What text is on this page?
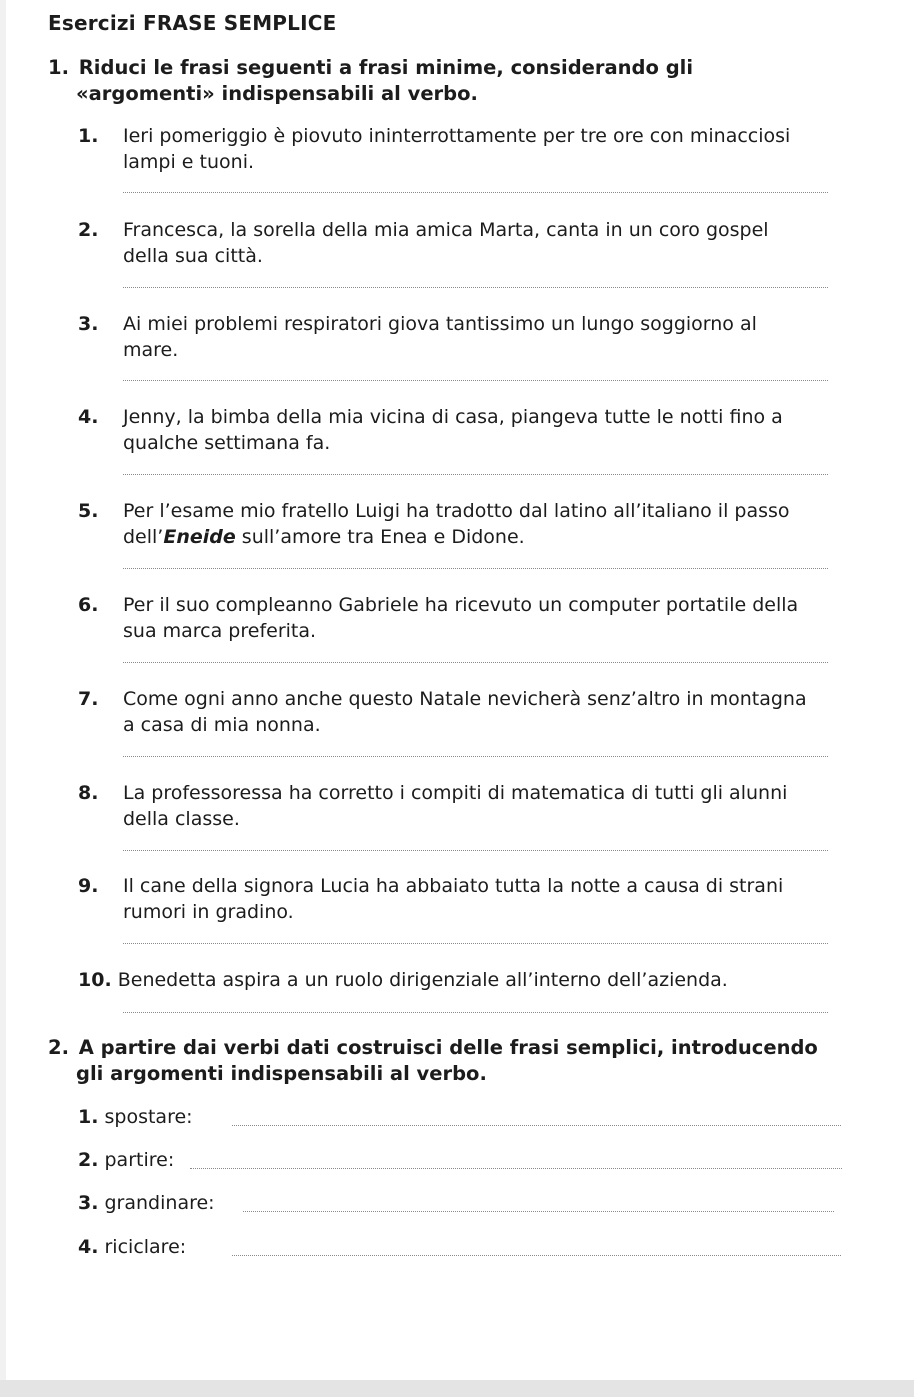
Esercizi FRASE SEMPLICE
1. Riduci le frasi seguenti a frasi minime, considerando gli
«argomenti» indispensabili al verbo.
1. Ieri pomeriggio è piovuto ininterrottamente per tre ore con minacciosi
lampi e tuoni.
2. Francesca, la sorella della mia amica Marta, canta in un coro gospel
della sua città.
3. Ai miei problemi respiratori giova tantissimo un lungo soggiorno al
mare.
4. Jenny, la bimba della mia vicina di casa, piangeva tutte le notti fino a
qualche settimana fa.
5. Per l’esame mio fratello Luigi ha tradotto dal latino all’italiano il passo
dell’Eneide sull’amore tra Enea e Didone.
6. Per il suo compleanno Gabriele ha ricevuto un computer portatile della
sua marca preferita.
7. Come ogni anno anche questo Natale nevicherà senz’altro in montagna
a casa di mia nonna.
8. La professoressa ha corretto i compiti di matematica di tutti gli alunni
della classe.
9. Il cane della signora Lucia ha abbaiato tutta la notte a causa di strani
rumori in gradino.
10. Benedetta aspira a un ruolo dirigenziale all’interno dell’azienda.
2. A partire dai verbi dati costruisci delle frasi semplici, introducendo
gli argomenti indispensabili al verbo.
1. spostare:
2. partire:
3. grandinare:
4. riciclare:
